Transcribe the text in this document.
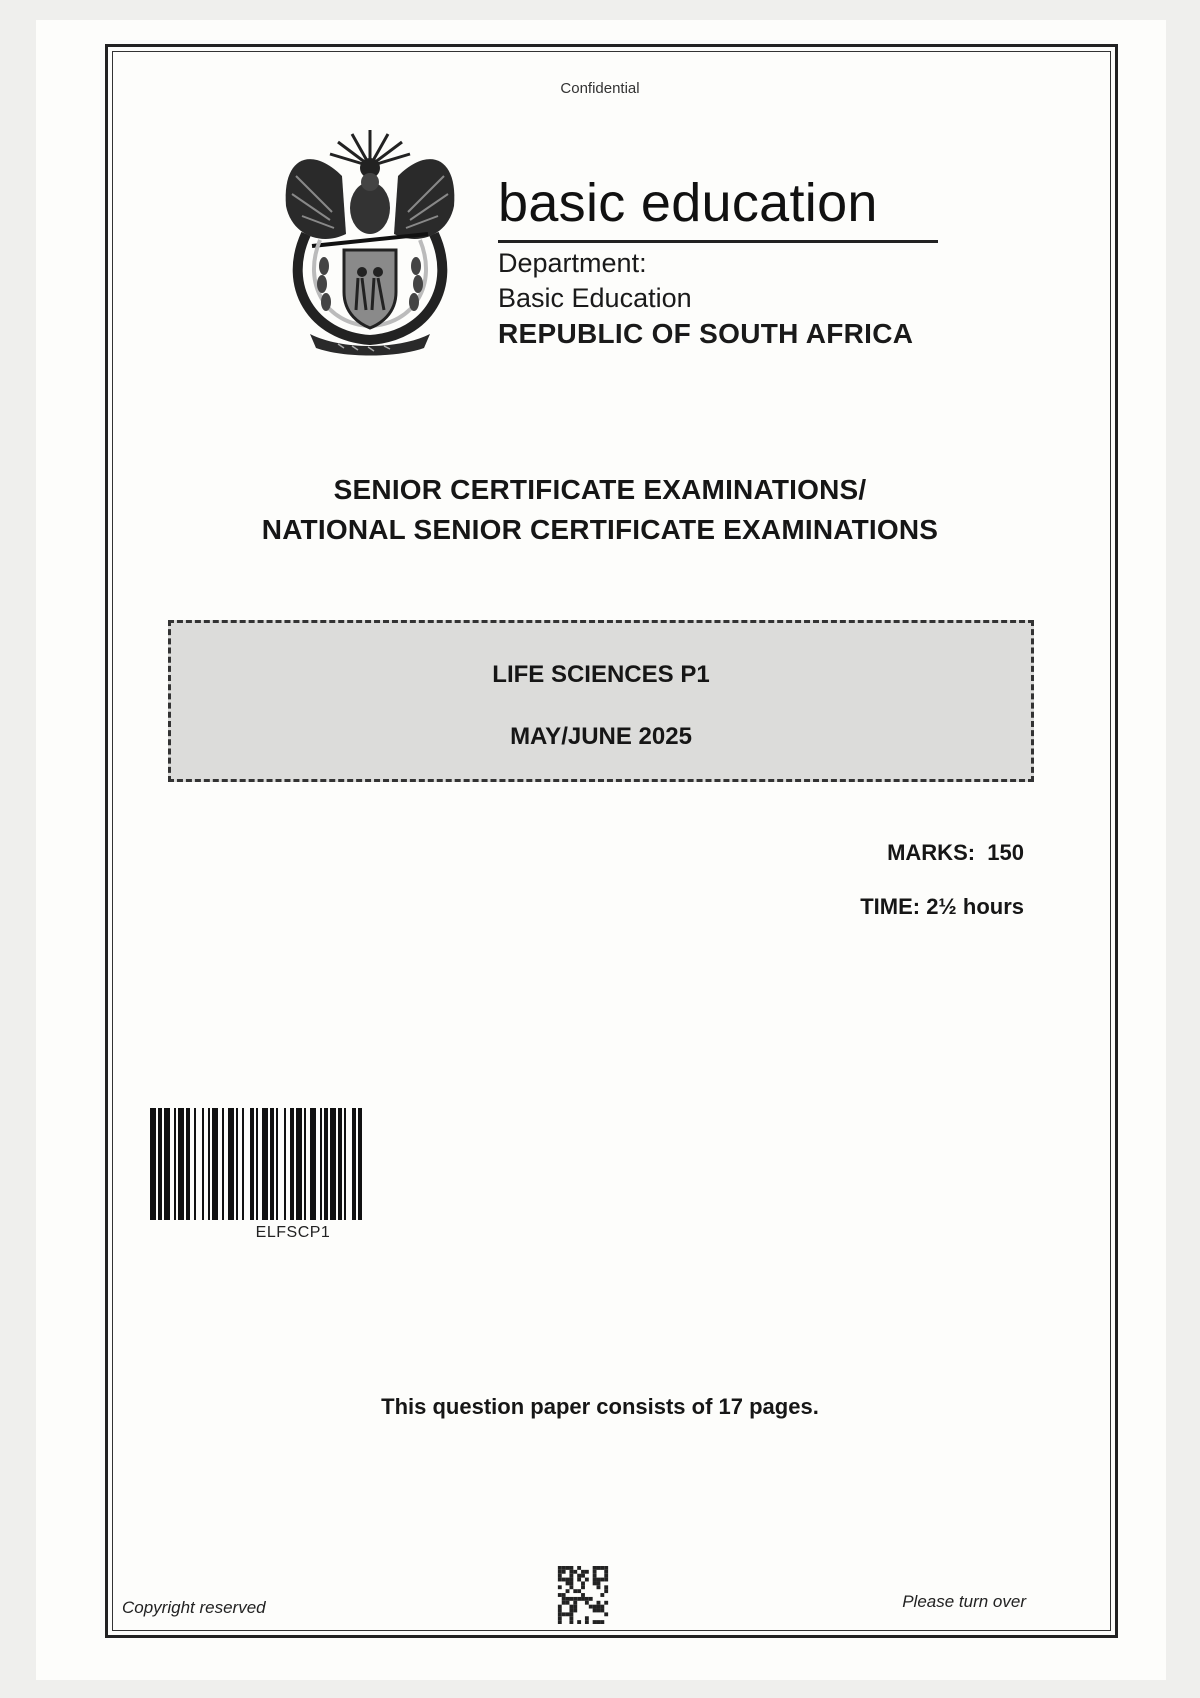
Confidential
basic education
Department:
Basic Education
REPUBLIC OF SOUTH AFRICA
SENIOR CERTIFICATE EXAMINATIONS/
NATIONAL SENIOR CERTIFICATE EXAMINATIONS
LIFE SCIENCES P1
MAY/JUNE 2025
MARKS:  150
TIME: 2½ hours
ELFSCP1
This question paper consists of 17 pages.
Copyright reserved	Please turn over
